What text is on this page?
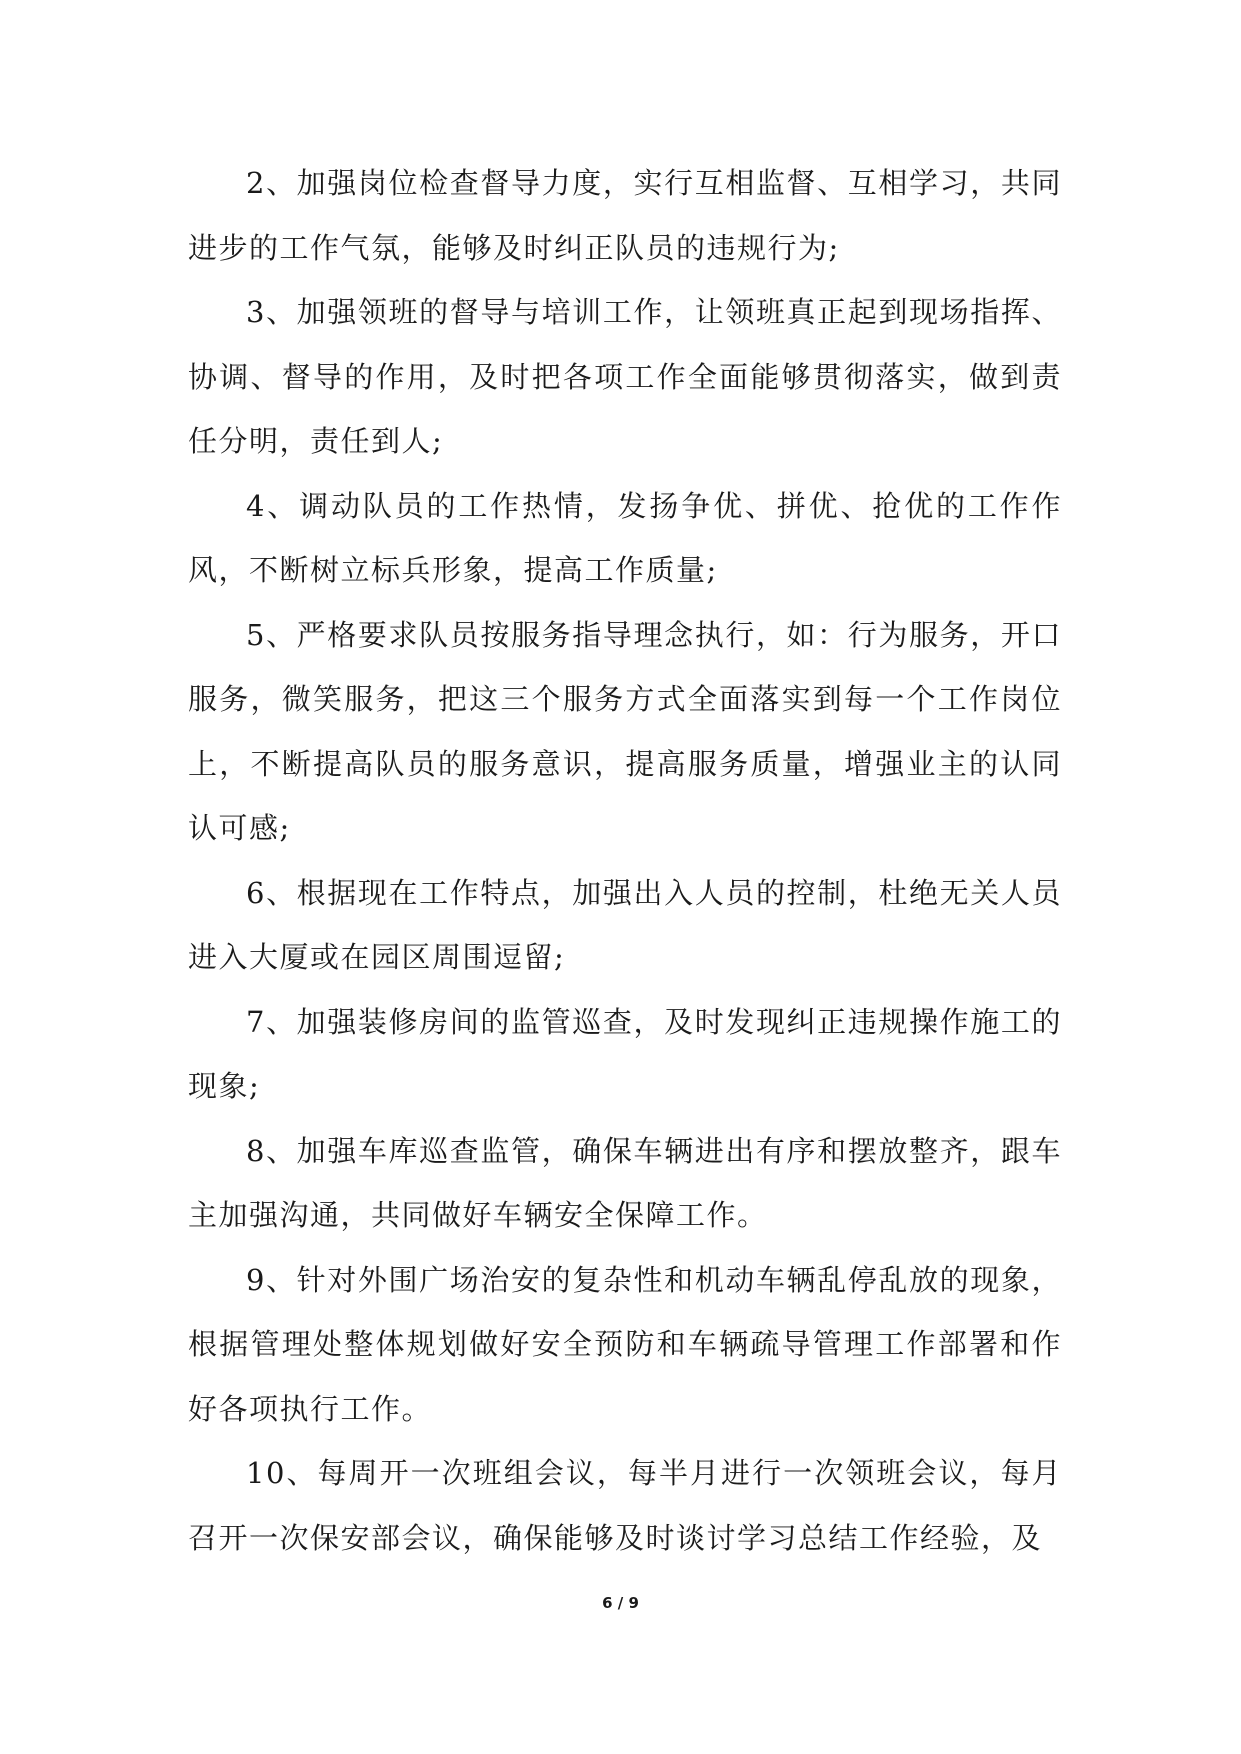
2、加强岗位检查督导力度，实行互相监督、互相学习，共同进步的工作气氛，能够及时纠正队员的违规行为;

3、加强领班的督导与培训工作，让领班真正起到现场指挥、协调、督导的作用，及时把各项工作全面能够贯彻落实，做到责任分明，责任到人;

4、调动队员的工作热情，发扬争优、拼优、抢优的工作作风，不断树立标兵形象，提高工作质量;

5、严格要求队员按服务指导理念执行，如：行为服务，开口服务，微笑服务，把这三个服务方式全面落实到每一个工作岗位上，不断提高队员的服务意识，提高服务质量，增强业主的认同认可感;

6、根据现在工作特点，加强出入人员的控制，杜绝无关人员进入大厦或在园区周围逗留;

7、加强装修房间的监管巡查，及时发现纠正违规操作施工的现象;

8、加强车库巡查监管，确保车辆进出有序和摆放整齐，跟车主加强沟通，共同做好车辆安全保障工作。

9、针对外围广场治安的复杂性和机动车辆乱停乱放的现象，根据管理处整体规划做好安全预防和车辆疏导管理工作部署和作好各项执行工作。

10、每周开一次班组会议，每半月进行一次领班会议，每月召开一次保安部会议，确保能够及时谈讨学习总结工作经验，及

6 / 9
